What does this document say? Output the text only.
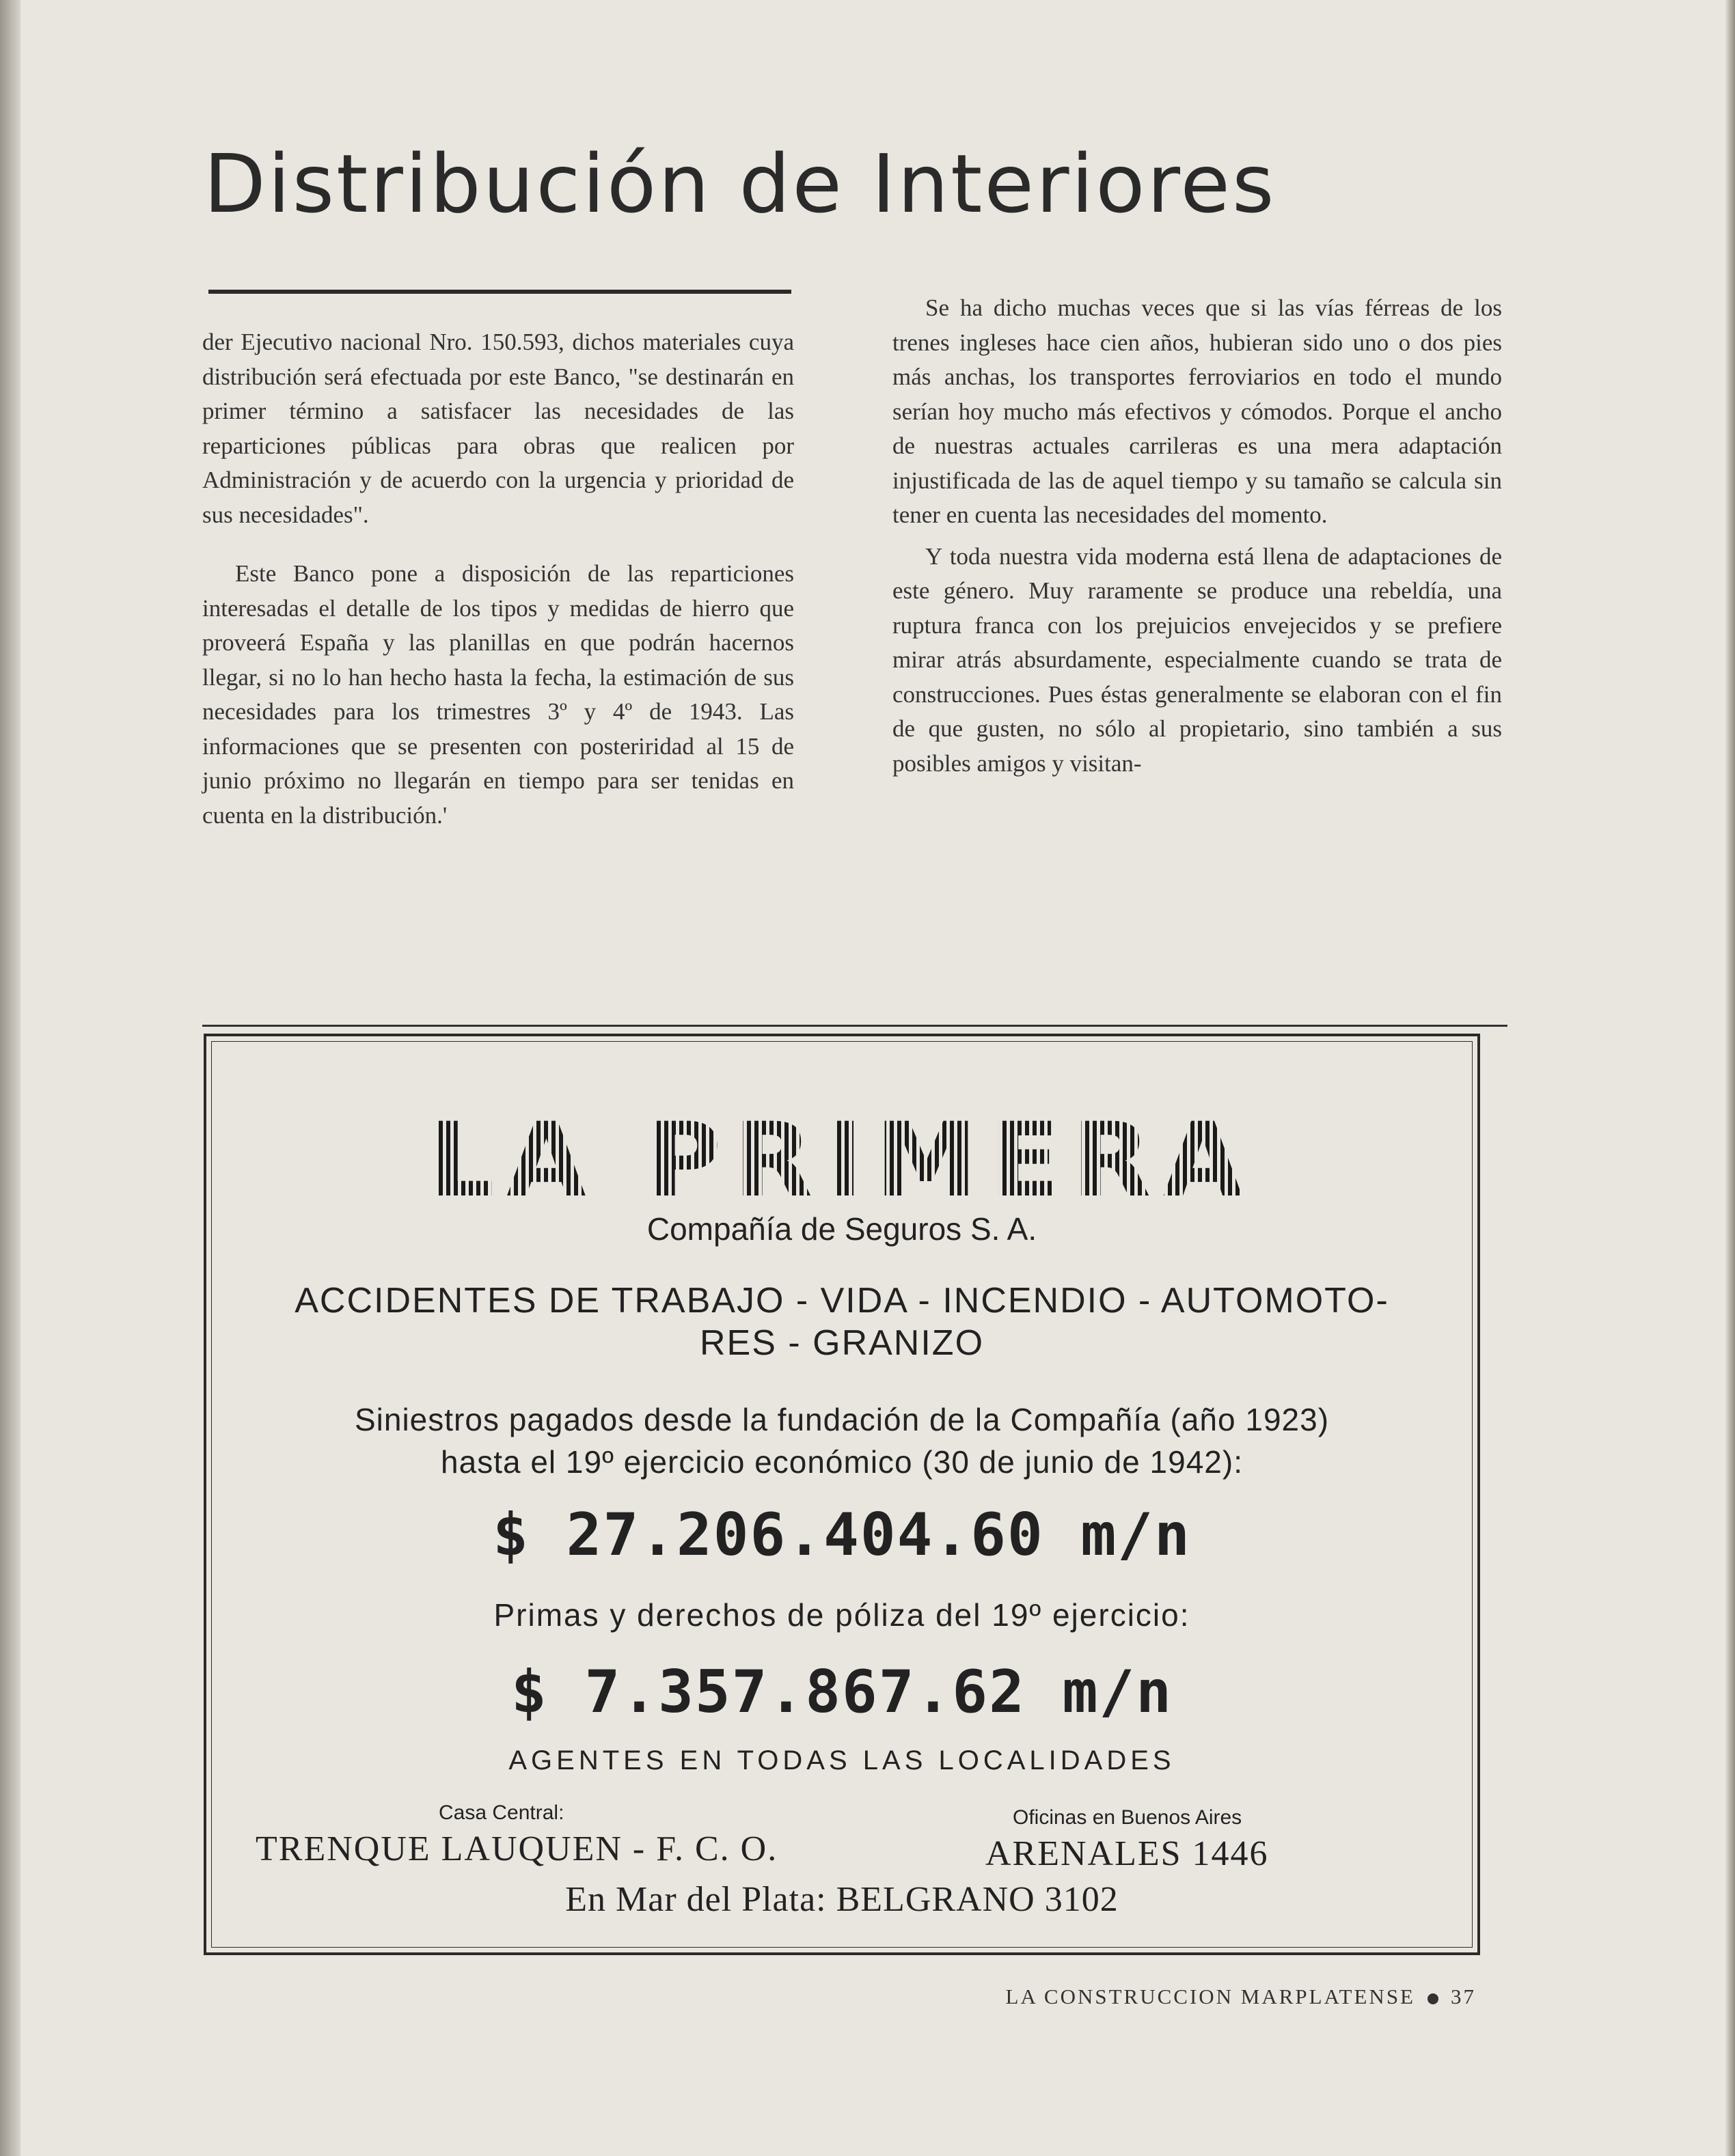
Distribución de Interiores

der Ejecutivo nacional Nro. 150.593, dichos materiales cuya distribución será efectuada por este Banco, "se destinarán en primer término a satisfacer las necesidades de las reparticiones públicas para obras que realicen por Administración y de acuerdo con la urgencia y prioridad de sus necesidades".

Este Banco pone a disposición de las reparticiones interesadas el detalle de los tipos y medidas de hierro que proveerá España y las planillas en que podrán hacernos llegar, si no lo han hecho hasta la fecha, la estimación de sus necesidades para los trimestres 3º y 4º de 1943. Las informaciones que se presenten con posteriridad al 15 de junio próximo no llegarán en tiempo para ser tenidas en cuenta en la distribución.'

Se ha dicho muchas veces que si las vías férreas de los trenes ingleses hace cien años, hubieran sido uno o dos pies más anchas, los transportes ferroviarios en todo el mundo serían hoy mucho más efectivos y cómodos. Porque el ancho de nuestras actuales carrileras es una mera adaptación injustificada de las de aquel tiempo y su tamaño se calcula sin tener en cuenta las necesidades del momento.

Y toda nuestra vida moderna está llena de adaptaciones de este género. Muy raramente se produce una rebeldía, una ruptura franca con los prejuicios envejecidos y se prefiere mirar atrás absurdamente, especialmente cuando se trata de construcciones. Pues éstas generalmente se elaboran con el fin de que gusten, no sólo al propietario, sino también a sus posibles amigos y visitan-

LA PRIMERA
Compañía de Seguros S. A.
ACCIDENTES DE TRABAJO - VIDA - INCENDIO - AUTOMOTO-
RES - GRANIZO
Siniestros pagados desde la fundación de la Compañía (año 1923)
hasta el 19º ejercicio económico (30 de junio de 1942):
$ 27.206.404.60 m/n
Primas y derechos de póliza del 19º ejercicio:
$ 7.357.867.62 m/n
AGENTES EN TODAS LAS LOCALIDADES
Casa Central:
TRENQUE LAUQUEN - F. C. O.
Oficinas en Buenos Aires
ARENALES 1446
En Mar del Plata: BELGRANO 3102
LA CONSTRUCCION MARPLATENSE 37
